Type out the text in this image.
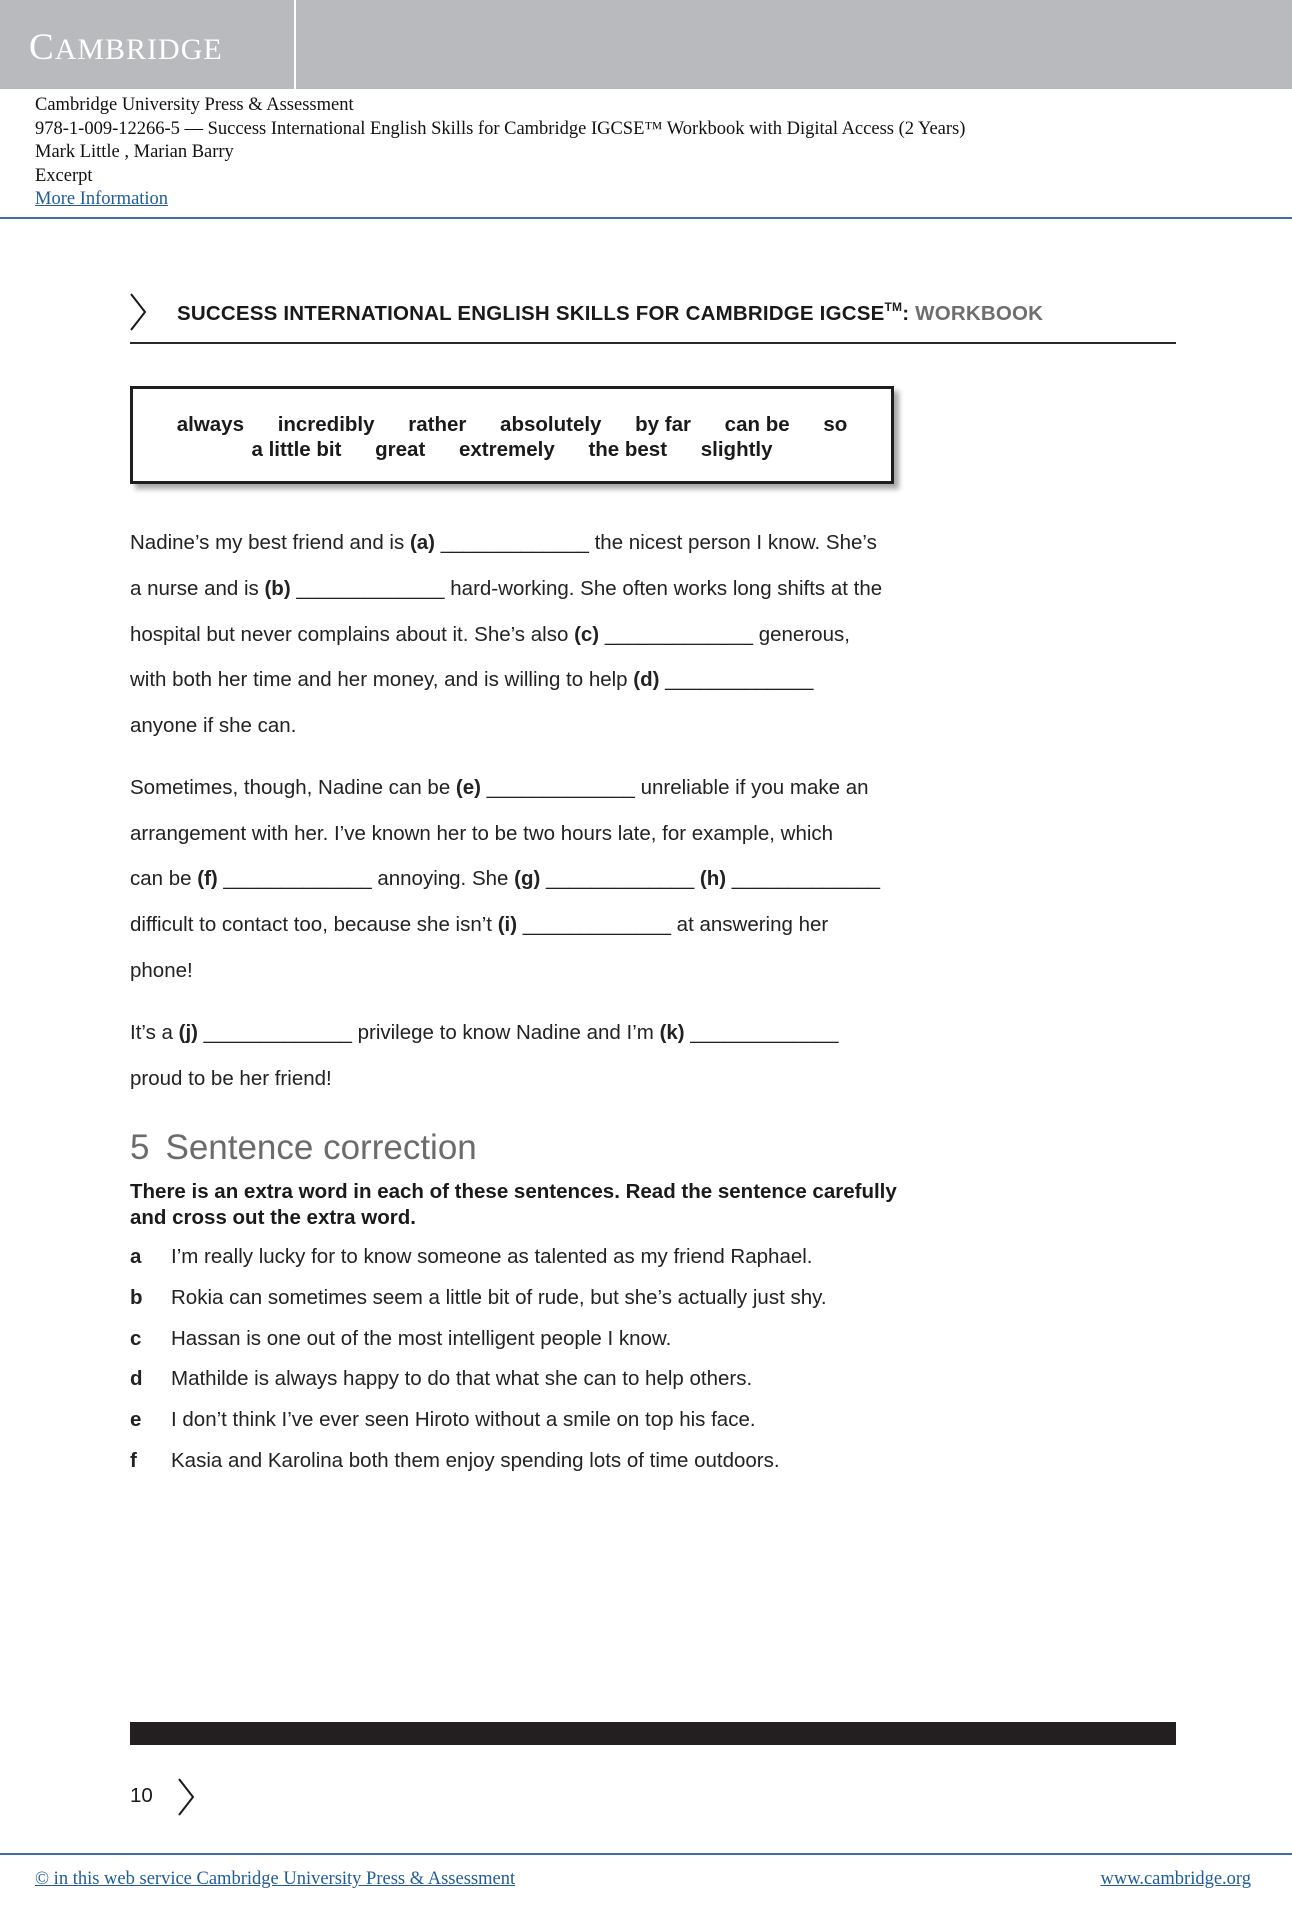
CAMBRIDGE
Cambridge University Press & Assessment
978-1-009-12266-5 — Success International English Skills for Cambridge IGCSE™ Workbook with Digital Access (2 Years)
Mark Little , Marian Barry
Excerpt
More Information
SUCCESS INTERNATIONAL ENGLISH SKILLS FOR CAMBRIDGE IGCSE™: WORKBOOK
always incredibly rather absolutely by far can be so
a little bit great extremely the best slightly
Nadine’s my best friend and is (a) _____________ the nicest person I know. She’s
a nurse and is (b) _____________ hard-working. She often works long shifts at the
hospital but never complains about it. She’s also (c) _____________ generous,
with both her time and her money, and is willing to help (d) _____________
anyone if she can.
Sometimes, though, Nadine can be (e) _____________ unreliable if you make an
arrangement with her. I’ve known her to be two hours late, for example, which
can be (f) _____________ annoying. She (g) _____________ (h) _____________
difficult to contact too, because she isn’t (i) _____________ at answering her
phone!
It’s a (j) _____________ privilege to know Nadine and I’m (k) _____________
proud to be her friend!
5 Sentence correction
There is an extra word in each of these sentences. Read the sentence carefully and cross out the extra word.
a I’m really lucky for to know someone as talented as my friend Raphael.
b Rokia can sometimes seem a little bit of rude, but she’s actually just shy.
c Hassan is one out of the most intelligent people I know.
d Mathilde is always happy to do that what she can to help others.
e I don’t think I’ve ever seen Hiroto without a smile on top his face.
f Kasia and Karolina both them enjoy spending lots of time outdoors.
10
© in this web service Cambridge University Press & Assessment	www.cambridge.org
